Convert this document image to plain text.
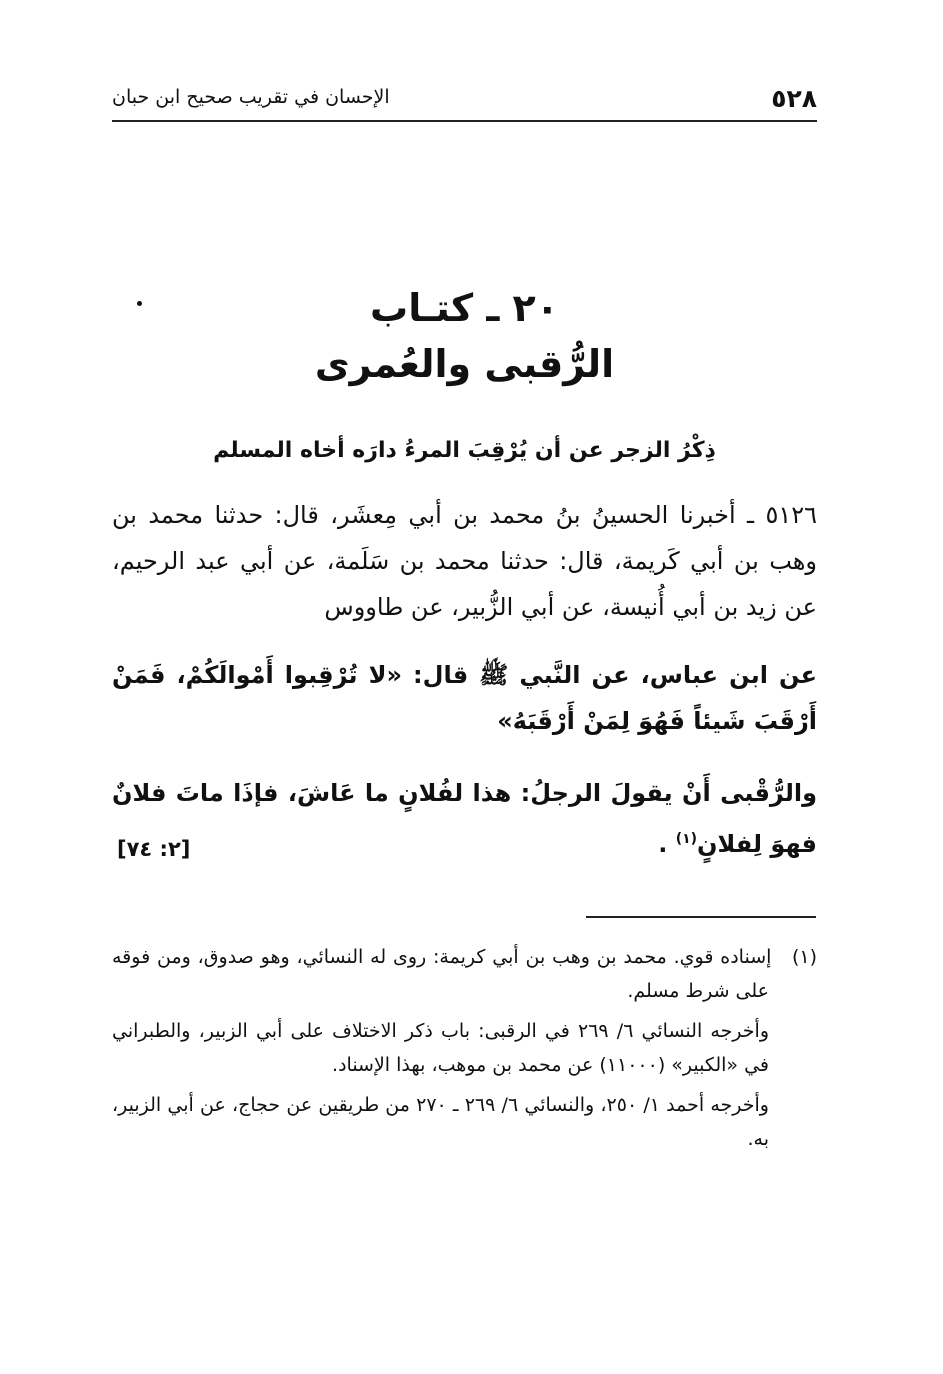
٥٢٨
الإحسان في تقريب صحيح ابن حبان
٢٠ ـ كتـاب
الرُّقبى والعُمرى
ذِكْرُ الزجر عن أن يُرْقِبَ المرءُ دارَه أخاه المسلم
٥١٢٦ ـ أخبرنا الحسينُ بنُ محمد بن أبي مِعشَر، قال: حدثنا محمد بن وهب بن أبي كَريمة، قال: حدثنا محمد بن سَلَمة، عن أبي عبد الرحيم، عن زيد بن أبي أُنيسة، عن أبي الزُّبير، عن طاووس
عن ابن عباس، عن النَّبي ﷺ قال: «لا تُرْقِبوا أَمْوالَكُمْ، فَمَنْ أَرْقَبَ شَيئاً فَهُوَ لِمَنْ أَرْقَبَهُ»
والرُّقْبى أَنْ يقولَ الرجلُ: هذا لفُلانٍ ما عَاشَ، فإذَا ماتَ فلانٌ فهوَ لِفلانٍ$^{(١)}$ .
[٢: ٧٤]

(١)   إسناده قوي. محمد بن وهب بن أبي كريمة: روى له النسائي، وهو صدوق، ومن فوقه على شرط مسلم.

وأخرجه النسائي ٦/ ٢٦٩ في الرقبى: باب ذكر الاختلاف على أبي الزبير، والطبراني في «الكبير» (١١٠٠٠) عن محمد بن موهب، بهذا الإسناد.

وأخرجه أحمد ١/ ٢٥٠، والنسائي ٦/ ٢٦٩ ـ ٢٧٠ من طريقين عن حجاج، عن أبي الزبير، به.
